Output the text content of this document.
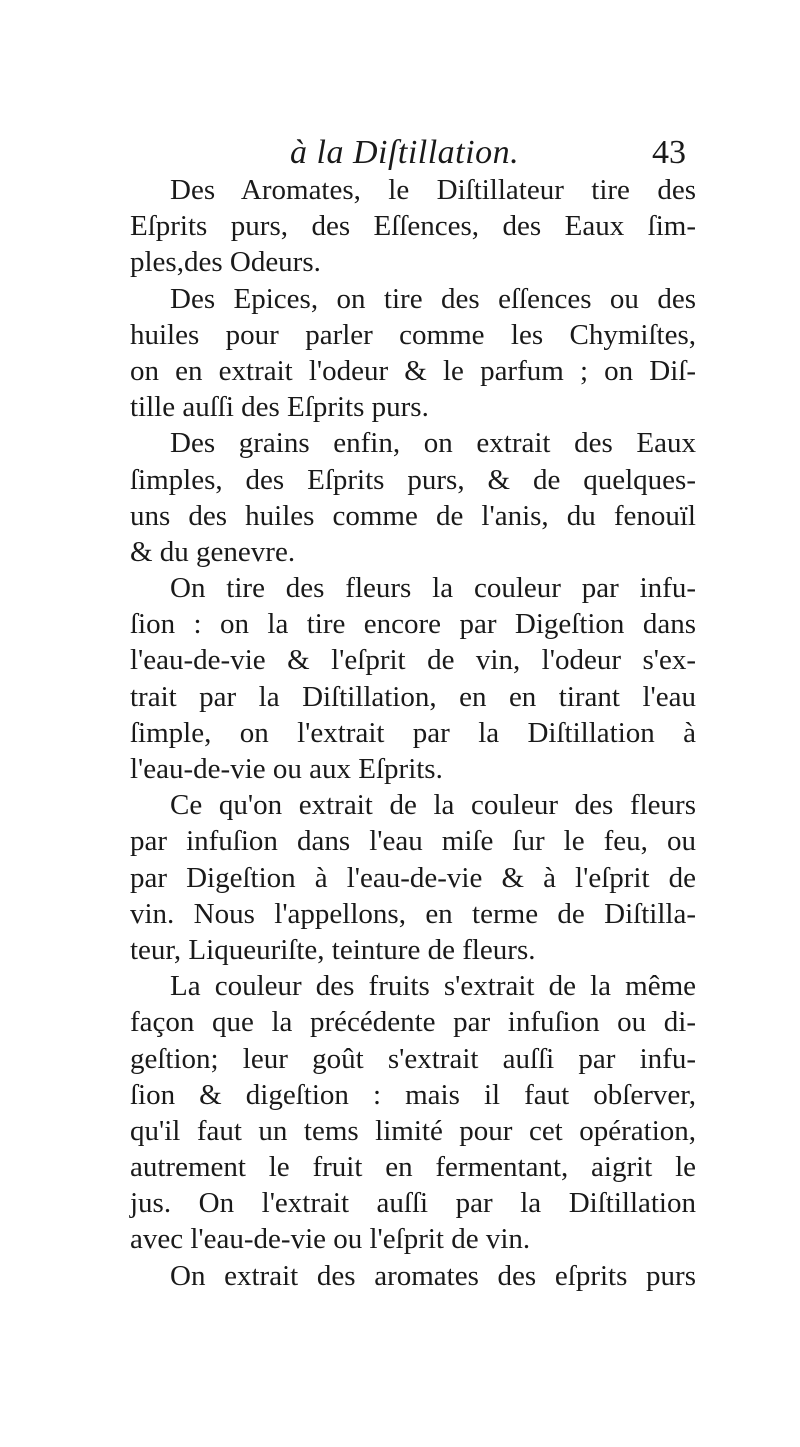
à la Diſtillation.	43
Des Aromates, le Diſtillateur tire des
Eſprits purs, des Eſſences, des Eaux ſim-
ples,des Odeurs.
Des Epices, on tire des eſſences ou des
huiles pour parler comme les Chymiſtes,
on en extrait l'odeur & le parfum ; on Diſ-
tille auſſi des Eſprits purs.
Des grains enfin, on extrait des Eaux
ſimples, des Eſprits purs, & de quelques-
uns des huiles comme de l'anis, du fenouïl
& du genevre.
On tire des fleurs la couleur par infu-
ſion : on la tire encore par Digeſtion dans
l'eau-de-vie & l'eſprit de vin, l'odeur s'ex-
trait par la Diſtillation, en en tirant l'eau
ſimple, on l'extrait par la Diſtillation à
l'eau-de-vie ou aux Eſprits.
Ce qu'on extrait de la couleur des fleurs
par infuſion dans l'eau miſe ſur le feu, ou
par Digeſtion à l'eau-de-vie & à l'eſprit de
vin. Nous l'appellons, en terme de Diſtilla-
teur, Liqueuriſte, teinture de fleurs.
La couleur des fruits s'extrait de la même
façon que la précédente par infuſion ou di-
geſtion; leur goût s'extrait auſſi par infu-
ſion & digeſtion : mais il faut obſerver,
qu'il faut un tems limité pour cet opération,
autrement le fruit en fermentant, aigrit le
jus. On l'extrait auſſi par la Diſtillation
avec l'eau-de-vie ou l'eſprit de vin.
On extrait des aromates des eſprits purs
